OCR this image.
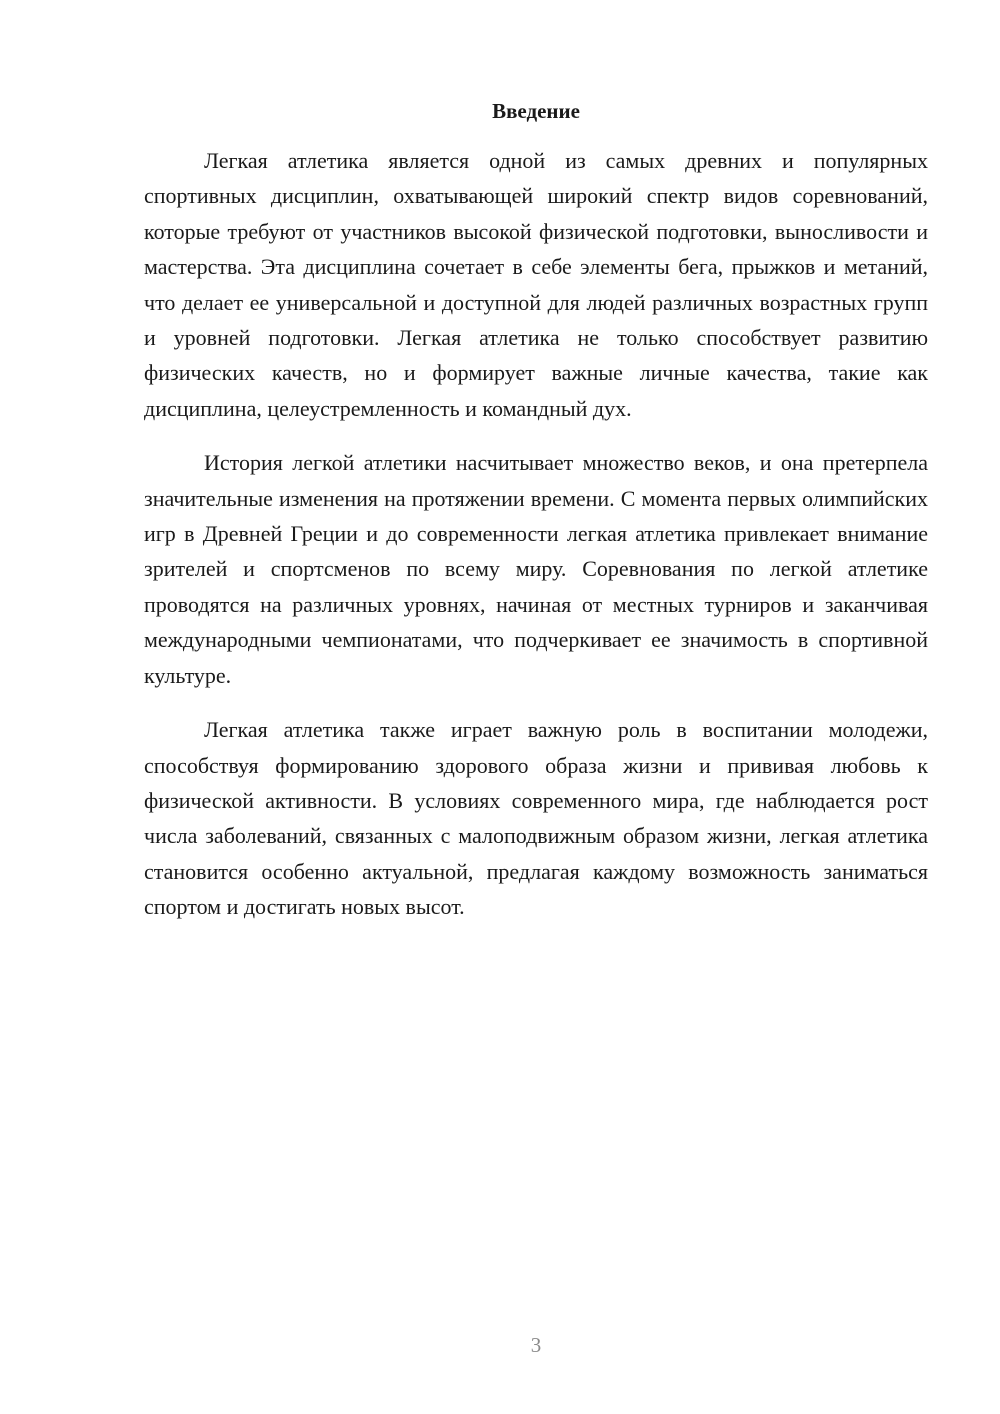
Введение

Легкая атлетика является одной из самых древних и популярных спортивных дисциплин, охватывающей широкий спектр видов соревнований, которые требуют от участников высокой физической подготовки, выносливости и мастерства. Эта дисциплина сочетает в себе элементы бега, прыжков и метаний, что делает ее универсальной и доступной для людей различных возрастных групп и уровней подготовки. Легкая атлетика не только способствует развитию физических качеств, но и формирует важные личные качества, такие как дисциплина, целеустремленность и командный дух.

История легкой атлетики насчитывает множество веков, и она претерпела значительные изменения на протяжении времени. С момента первых олимпийских игр в Древней Греции и до современности легкая атлетика привлекает внимание зрителей и спортсменов по всему миру. Соревнования по легкой атлетике проводятся на различных уровнях, начиная от местных турниров и заканчивая международными чемпионатами, что подчеркивает ее значимость в спортивной культуре.

Легкая атлетика также играет важную роль в воспитании молодежи, способствуя формированию здорового образа жизни и прививая любовь к физической активности. В условиях современного мира, где наблюдается рост числа заболеваний, связанных с малоподвижным образом жизни, легкая атлетика становится особенно актуальной, предлагая каждому возможность заниматься спортом и достигать новых высот.

3
